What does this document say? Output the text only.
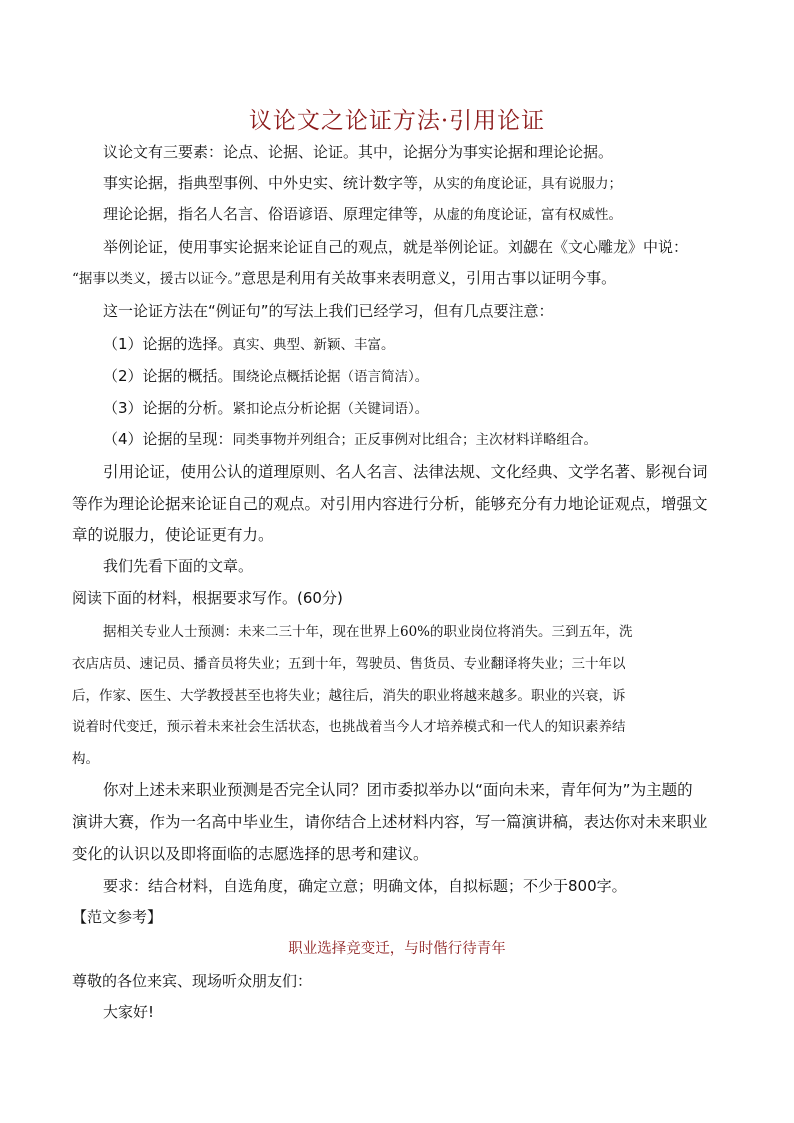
议论文之论证方法·引用论证
议论文有三要素：论点、论据、论证。其中，论据分为事实论据和理论论据。
事实论据，指典型事例、中外史实、统计数字等，从实的角度论证，具有说服力；
理论论据，指名人名言、俗语谚语、原理定律等，从虚的角度论证，富有权威性。
举例论证，使用事实论据来论证自己的观点，就是举例论证。刘勰在《文心雕龙》中说：
“据事以类义，援古以证今。”意思是利用有关故事来表明意义，引用古事以证明今事。
这一论证方法在“例证句”的写法上我们已经学习，但有几点要注意：
（1）论据的选择。真实、典型、新颖、丰富。
（2）论据的概括。围绕论点概括论据（语言简洁）。
（3）论据的分析。紧扣论点分析论据（关键词语）。
（4）论据的呈现：同类事物并列组合；正反事例对比组合；主次材料详略组合。
引用论证，使用公认的道理原则、名人名言、法律法规、文化经典、文学名著、影视台词
等作为理论论据来论证自己的观点。对引用内容进行分析，能够充分有力地论证观点，增强文
章的说服力，使论证更有力。
我们先看下面的文章。
阅读下面的材料，根据要求写作。(60分)
据相关专业人士预测：未来二三十年，现在世界上60%的职业岗位将消失。三到五年，洗
衣店店员、速记员、播音员将失业；五到十年，驾驶员、售货员、专业翻译将失业；三十年以
后，作家、医生、大学教授甚至也将失业；越往后，消失的职业将越来越多。职业的兴衰，诉
说着时代变迁，预示着未来社会生活状态，也挑战着当今人才培养模式和一代人的知识素养结
构。
你对上述未来职业预测是否完全认同？团市委拟举办以“面向未来，青年何为”为主题的
演讲大赛，作为一名高中毕业生，请你结合上述材料内容，写一篇演讲稿，表达你对未来职业
变化的认识以及即将面临的志愿选择的思考和建议。
要求：结合材料，自选角度，确定立意；明确文体，自拟标题；不少于800字。
【范文参考】
职业选择竞变迁，与时偕行待青年
尊敬的各位来宾、现场听众朋友们：
大家好!
